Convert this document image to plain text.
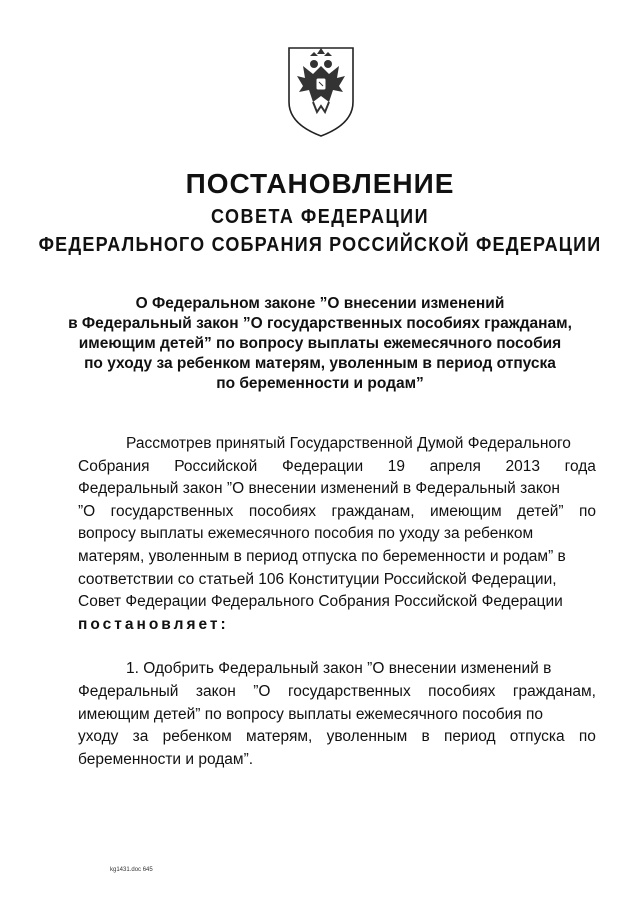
ПОСТАНОВЛЕНИЕ
СОВЕТА ФЕДЕРАЦИИ
ФЕДЕРАЛЬНОГО СОБРАНИЯ РОССИЙСКОЙ ФЕДЕРАЦИИ
О Федеральном законе ”О внесении изменений
в Федеральный закон ”О государственных пособиях гражданам,
имеющим детей” по вопросу выплаты ежемесячного пособия
по уходу за ребенком матерям, уволенным в период отпуска
по беременности и родам”
Рассмотрев принятый Государственной Думой Федерального
Собрания Российской Федерации 19 апреля 2013 года
Федеральный закон ”О внесении изменений в Федеральный закон
”О государственных пособиях гражданам, имеющим детей” по
вопросу выплаты ежемесячного пособия по уходу за ребенком
матерям, уволенным в период отпуска по беременности и родам” в
соответствии со статьей 106 Конституции Российской Федерации,
Совет Федерации Федерального Собрания Российской Федерации
постановляет:
1. Одобрить Федеральный закон ”О внесении изменений в
Федеральный закон ”О государственных пособиях гражданам,
имеющим детей” по вопросу выплаты ежемесячного пособия по
уходу за ребенком матерям, уволенным в период отпуска по
беременности и родам”.
kg1431.doc 645
